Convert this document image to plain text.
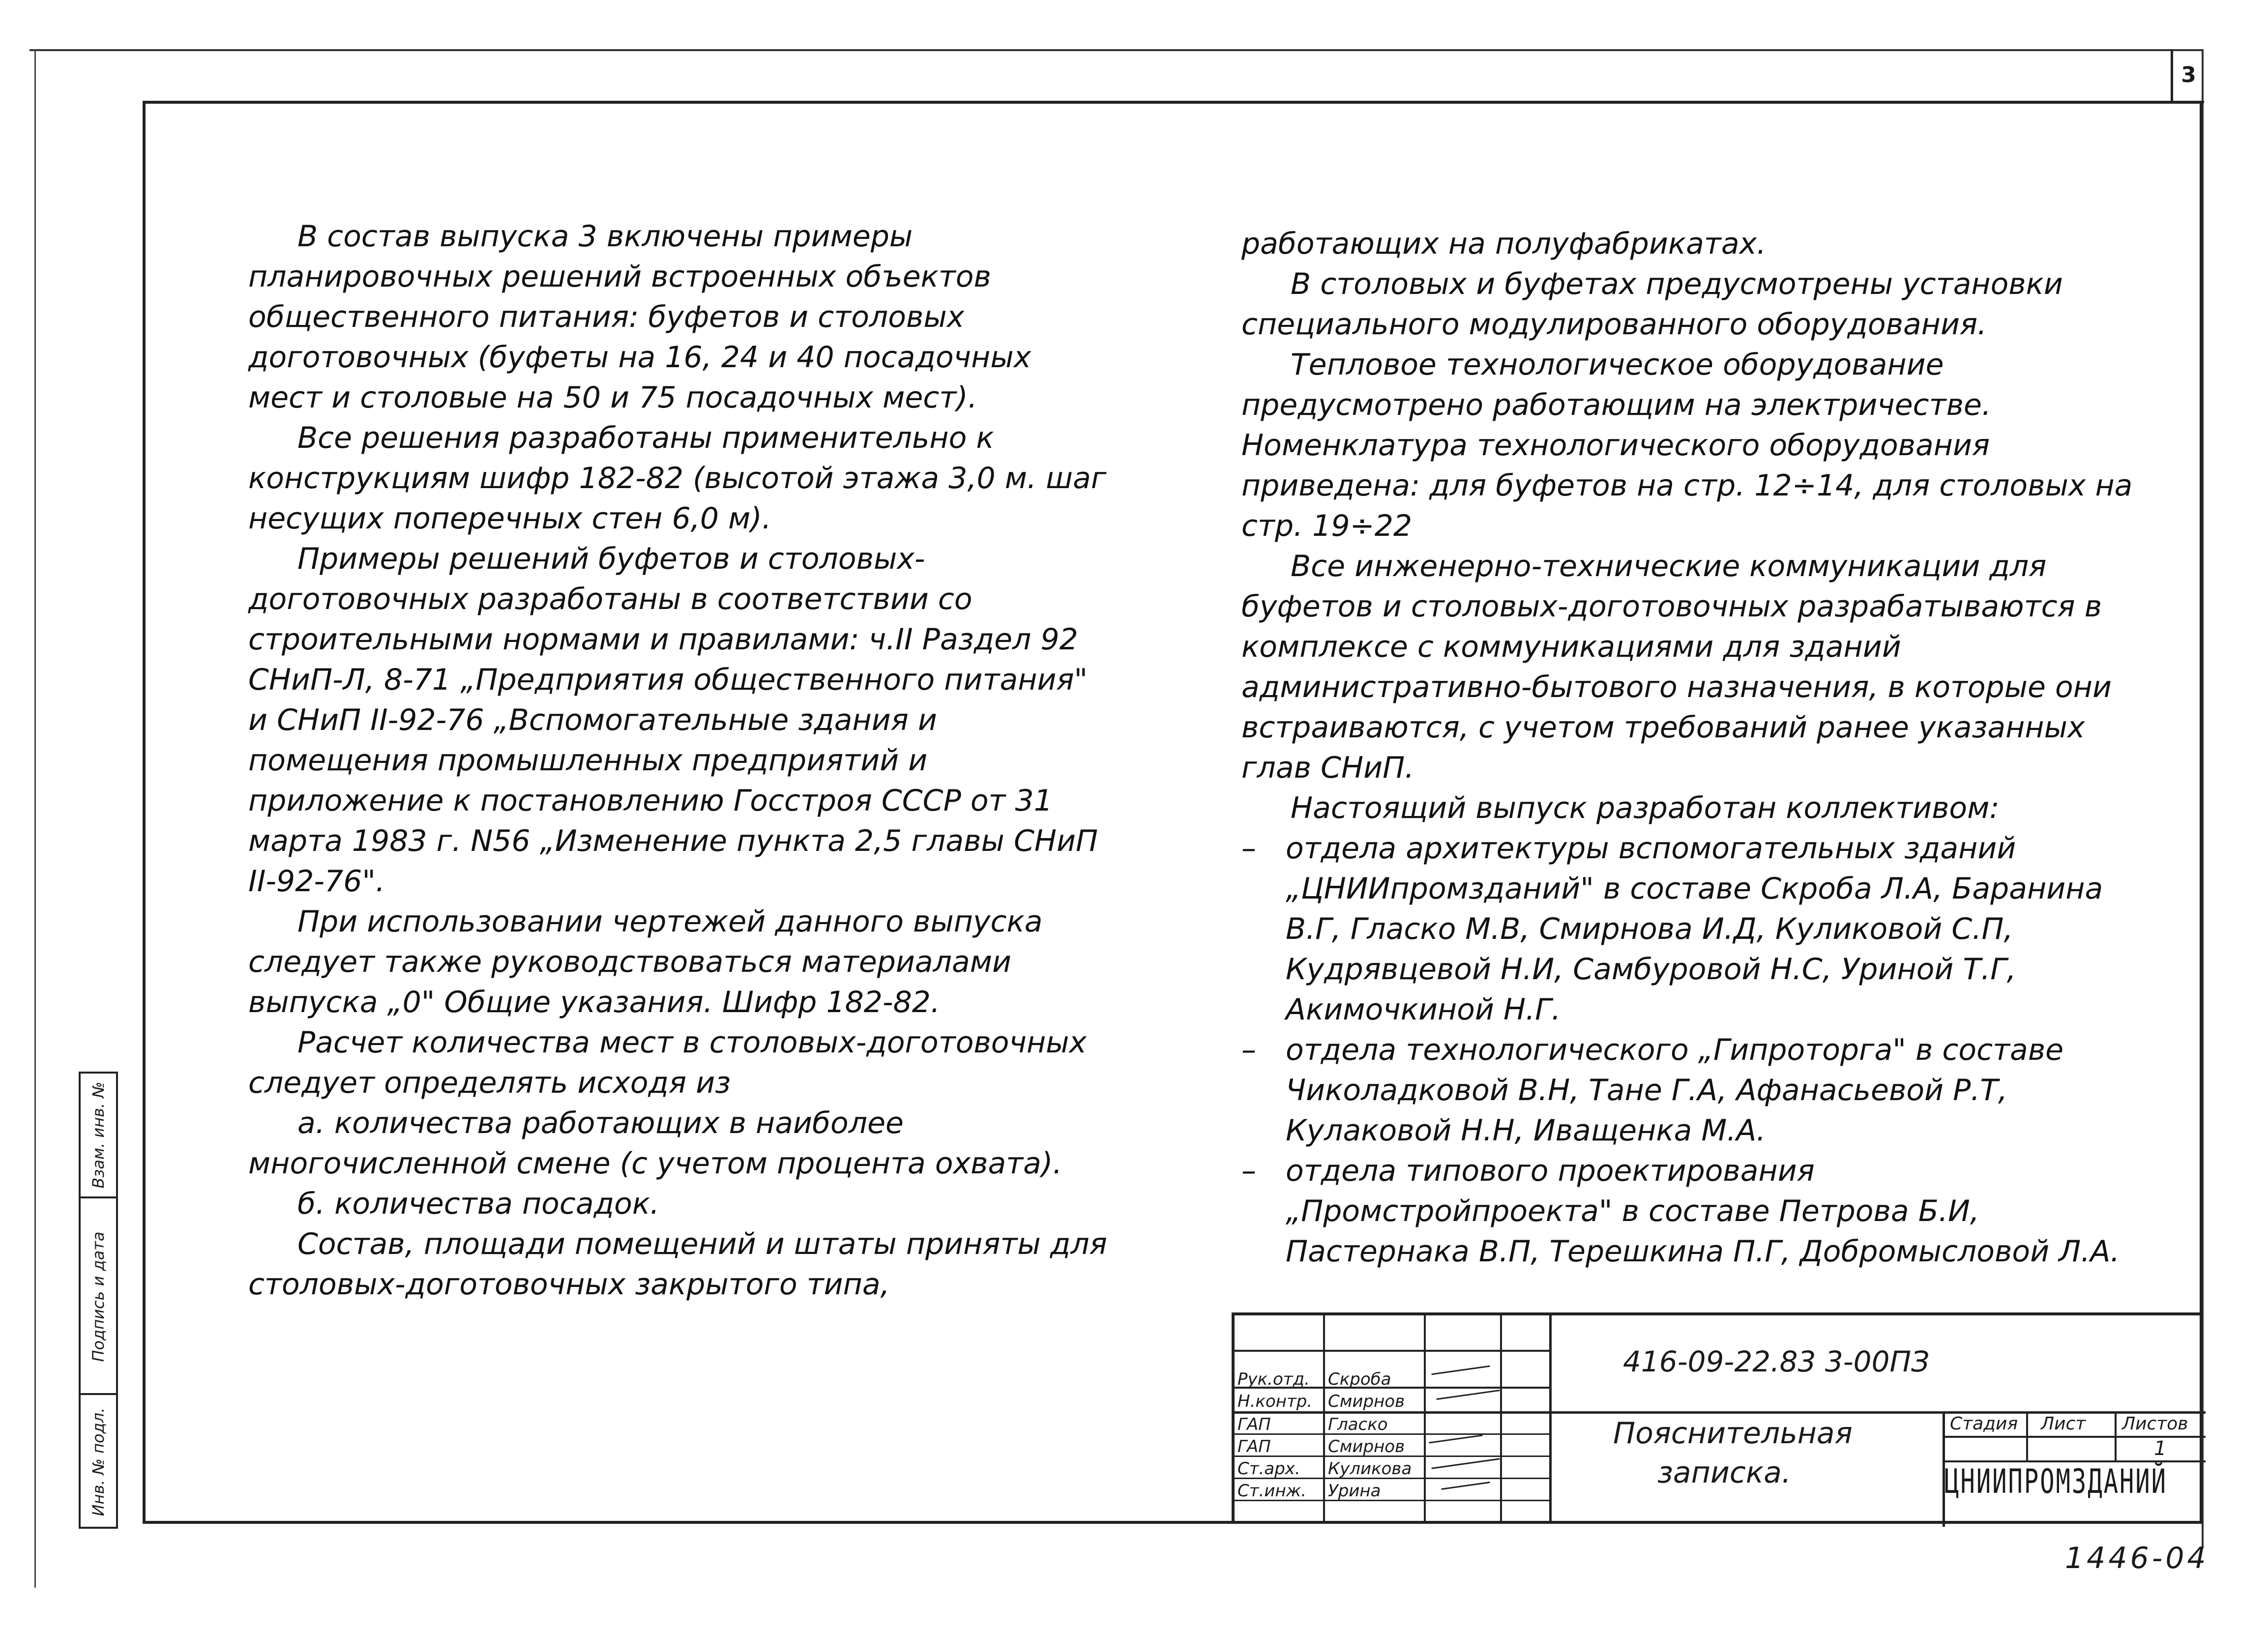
3

В состав выпуска 3 включены примеры планировочных решений встроенных объектов общественного питания: буфетов и столовых доготовочных (буфеты на 16, 24 и 40 посадочных мест и столовые на 50 и 75 посадочных мест).

Все решения разработаны применительно к конструкциям шифр 182-82 (высотой этажа 3,0 м. шаг несущих поперечных стен 6,0 м).

Примеры решений буфетов и столовых-доготовочных разработаны в соответствии со строительными нормами и правилами: ч.II Раздел 92 СНиП-Л, 8-71 „Предприятия общественного питания" и СНиП II-92-76 „Вспомогательные здания и помещения промышленных предприятий и приложение к постановлению Госстроя СССР от 31 марта 1983 г. N56 „Изменение пункта 2,5 главы СНиП II-92-76".

При использовании чертежей данного выпуска следует также руководствоваться материалами выпуска „0" Общие указания. Шифр 182-82.

Расчет количества мест в столовых-доготовочных следует определять исходя из

а. количества работающих в наиболее многочисленной смене (с учетом процента охвата).

б. количества посадок.

Состав, площади помещений и штаты приняты для столовых-доготовочных закрытого типа,

работающих на полуфабрикатах.

В столовых и буфетах предусмотрены установки специального модулированного оборудования.

Тепловое технологическое оборудование предусмотрено работающим на электричестве. Номенклатура технологического оборудования приведена: для буфетов на стр. 12÷14, для столовых на стр. 19÷22

Все инженерно-технические коммуникации для буфетов и столовых-доготовочных разрабатываются в комплексе с коммуникациями для зданий административно-бытового назначения, в которые они встраиваются, с учетом требований ранее указанных глав СНиП.

Настоящий выпуск разработан коллективом:

– отдела архитектуры вспомогательных зданий „ЦНИИпромзданий" в составе Скроба Л.А, Баранина В.Г, Гласко М.В, Смирнова И.Д, Куликовой С.П, Кудрявцевой Н.И, Самбуровой Н.С, Уриной Т.Г, Акимочкиной Н.Г.

– отдела технологического „Гипроторга" в составе Чиколадковой В.Н, Тане Г.А, Афанасьевой Р.Т, Кулаковой Н.Н, Иващенка М.А.

– отдела типового проектирования „Промстройпроекта" в составе Петрова Б.И, Пастернака В.П, Терешкина П.Г, Добромысловой Л.А.

Взам. инв. №
Подпись и дата
Инв. № подл.
416-09-22.83 3-00ПЗ
Пояснительная
записка.
Рук.отд.
Н.контр.
ГАП
ГАП
Ст.арх.
Ст.инж.
Скроба
Смирнов
Гласко
Смирнов
Куликова
Урина
Стадия Лист Листов
1
ЦНИИПРОМЗДАНИЙ
1446-04
